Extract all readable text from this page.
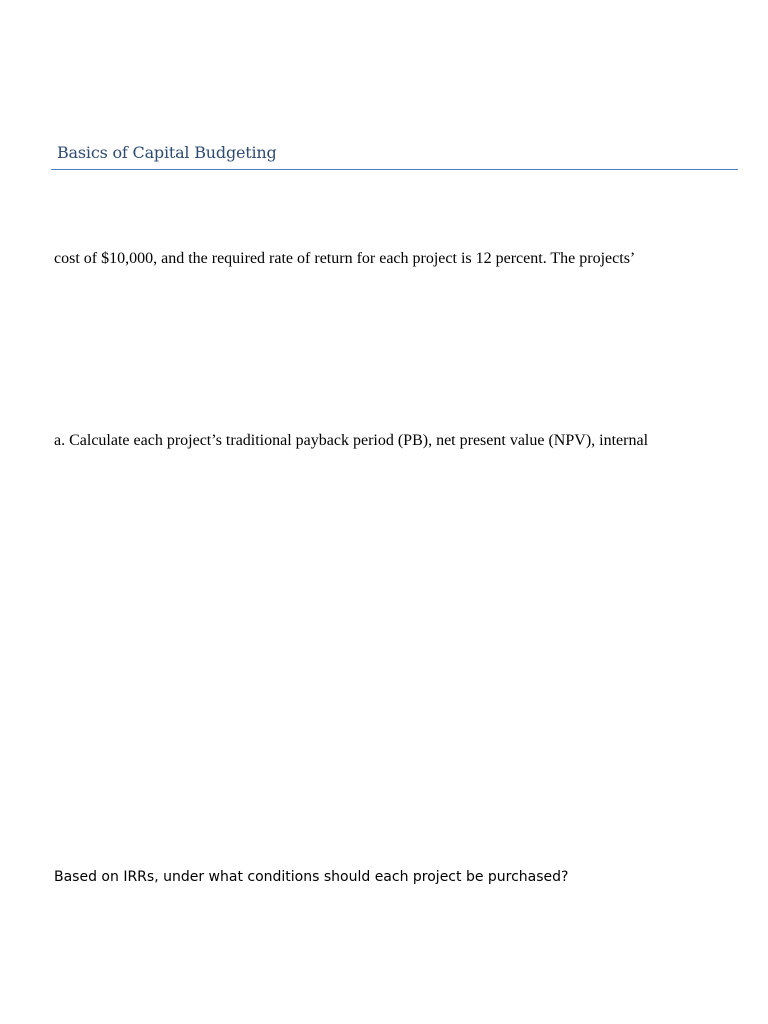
Basics of Capital Budgeting
cost of $10,000, and the required rate of return for each project is 12 percent. The projects’
a. Calculate each project’s traditional payback period (PB), net present value (NPV), internal
Based on IRRs, under what conditions should each project be purchased?
